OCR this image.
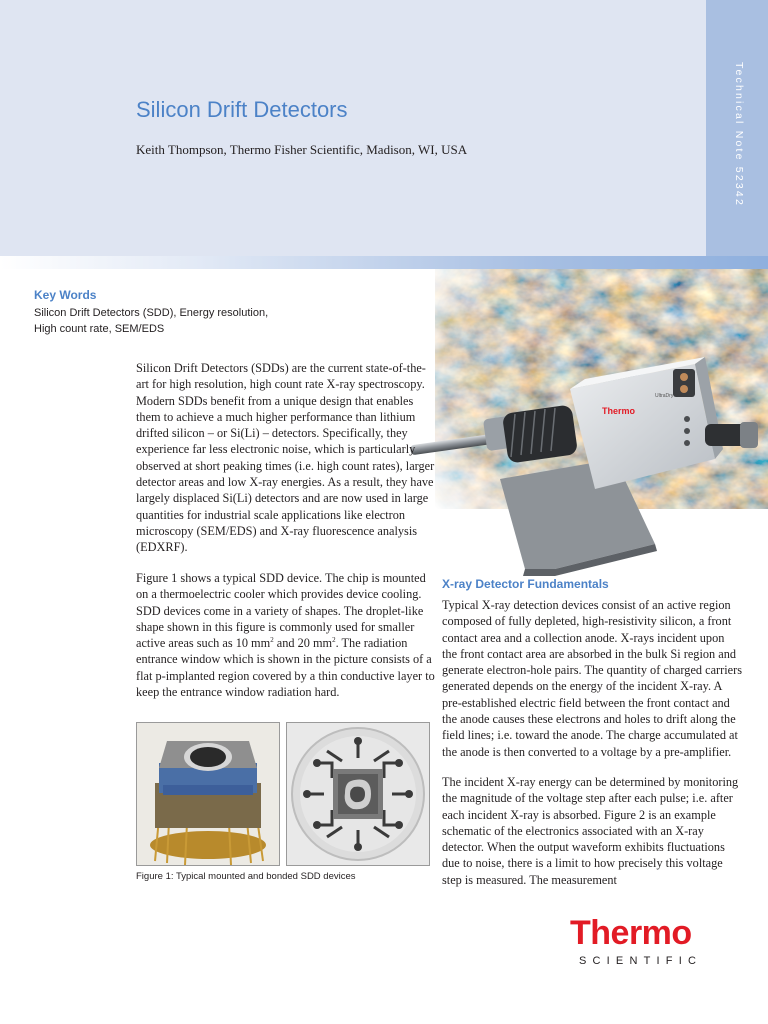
Technical Note 52342
Silicon Drift Detectors

Keith Thompson, Thermo Fisher Scientific, Madison, WI, USA

Key Words
Silicon Drift Detectors (SDD), Energy resolution,
High count rate, SEM/EDS
Thermo
UltraDry

Silicon Drift Detectors (SDDs) are the current state-of-the-art for high resolution, high count rate X-ray spectroscopy. Modern SDDs benefit from a unique design that enables them to achieve a much higher performance than lithium drifted silicon – or Si(Li) – detectors. Specifically, they experience far less electronic noise, which is particularly observed at short peaking times (i.e. high count rates), larger detector areas and low X-ray energies. As a result, they have largely displaced Si(Li) detectors and are now used in large quantities for industrial scale applications like electron microscopy (SEM/EDS) and X-ray fluorescence analysis (EDXRF).

Figure 1 shows a typical SDD device. The chip is mounted on a thermoelectric cooler which provides device cooling. SDD devices come in a variety of shapes. The droplet-like shape shown in this figure is commonly used for smaller active areas such as 10 $mm^2$ and 20 $mm^2$. The radiation entrance window which is shown in the picture consists of a flat p-implanted region covered by a thin conductive layer to keep the entrance window radiation hard.

Figure 1: Typical mounted and bonded SDD devices
X-ray Detector Fundamentals

Typical X-ray detection devices consist of an active region composed of fully depleted, high-resistivity silicon, a front contact area and a collection anode. X-rays incident upon the front contact area are absorbed in the bulk Si region and generate electron-hole pairs. The quantity of charged carriers generated depends on the energy of the incident X-ray. A pre-established electric field between the front contact and the anode causes these electrons and holes to drift along the field lines; i.e. toward the anode. The charge accumulated at the anode is then converted to a voltage by a pre-amplifier.

The incident X-ray energy can be determined by monitoring the magnitude of the voltage step after each pulse; i.e. after each incident X-ray is absorbed. Figure 2 is an example schematic of the electronics associated with an X-ray detector. When the output waveform exhibits fluctuations due to noise, there is a limit to how precisely this voltage step is measured. The measurement

Thermo
SCIENTIFIC
